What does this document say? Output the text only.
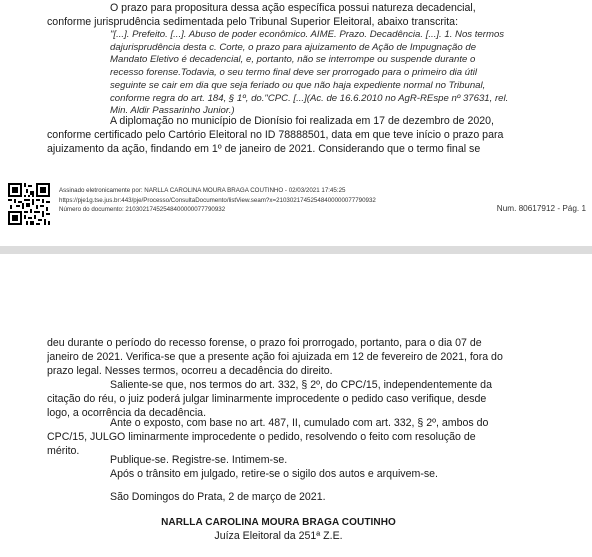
O prazo para propositura dessa ação específica possui natureza decadencial,
conforme jurisprudência sedimentada pelo Tribunal Superior Eleitoral, abaixo transcrita:
"[...]. Prefeito. [...]. Abuso de poder econômico. AIME. Prazo. Decadência. [...]. 1. Nos termos
dajurisprudência desta c. Corte, o prazo para ajuizamento de Ação de Impugnação de
Mandato Eletivo é decadencial, e, portanto, não se interrompe ou suspende durante o
recesso forense.Todavia, o seu termo final deve ser prorrogado para o primeiro dia útil
seguinte se cair em dia que seja feriado ou que não haja expediente normal no Tribunal,
conforme regra do art. 184, § 1º, do."CPC. [...](Ac. de 16.6.2010 no AgR-REspe nº 37631, rel.
Min. Aldir Passarinho Junior.)
A diplomação no município de Dionísio foi realizada em 17 de dezembro de 2020,
conforme certificado pelo Cartório Eleitoral no ID 78888501, data em que teve início o prazo para
ajuizamento da ação, findando em 1º de janeiro de 2021. Considerando que o termo final se
Assinado eletronicamente por: NARLLA CAROLINA MOURA BRAGA COUTINHO - 02/03/2021 17:45:25
https://pje1g.tse.jus.br:443/pje/Processo/ConsultaDocumento/listView.seam?x=21030217452548400000077790932
Número do documento: 21030217452548400000077790932	Num. 80617912 - Pág. 1
deu durante o período do recesso forense, o prazo foi prorrogado, portanto, para o dia 07 de
janeiro de 2021. Verifica-se que a presente ação foi ajuizada em 12 de fevereiro de 2021, fora do
prazo legal. Nesses termos, ocorreu a decadência do direito.
Saliente-se que, nos termos do art. 332, § 2º, do CPC/15, independentemente da
citação do réu, o juiz poderá julgar liminarmente improcedente o pedido caso verifique, desde
logo, a ocorrência da decadência.
Ante o exposto, com base no art. 487, II, cumulado com art. 332, § 2º, ambos do
CPC/15, JULGO liminarmente improcedente o pedido, resolvendo o feito com resolução de
mérito.
Publique-se. Registre-se. Intimem-se.
Após o trânsito em julgado, retire-se o sigilo dos autos e arquivem-se.
São Domingos do Prata, 2 de março de 2021.
NARLLA CAROLINA MOURA BRAGA COUTINHO
Juíza Eleitoral da 251ª Z.E.
